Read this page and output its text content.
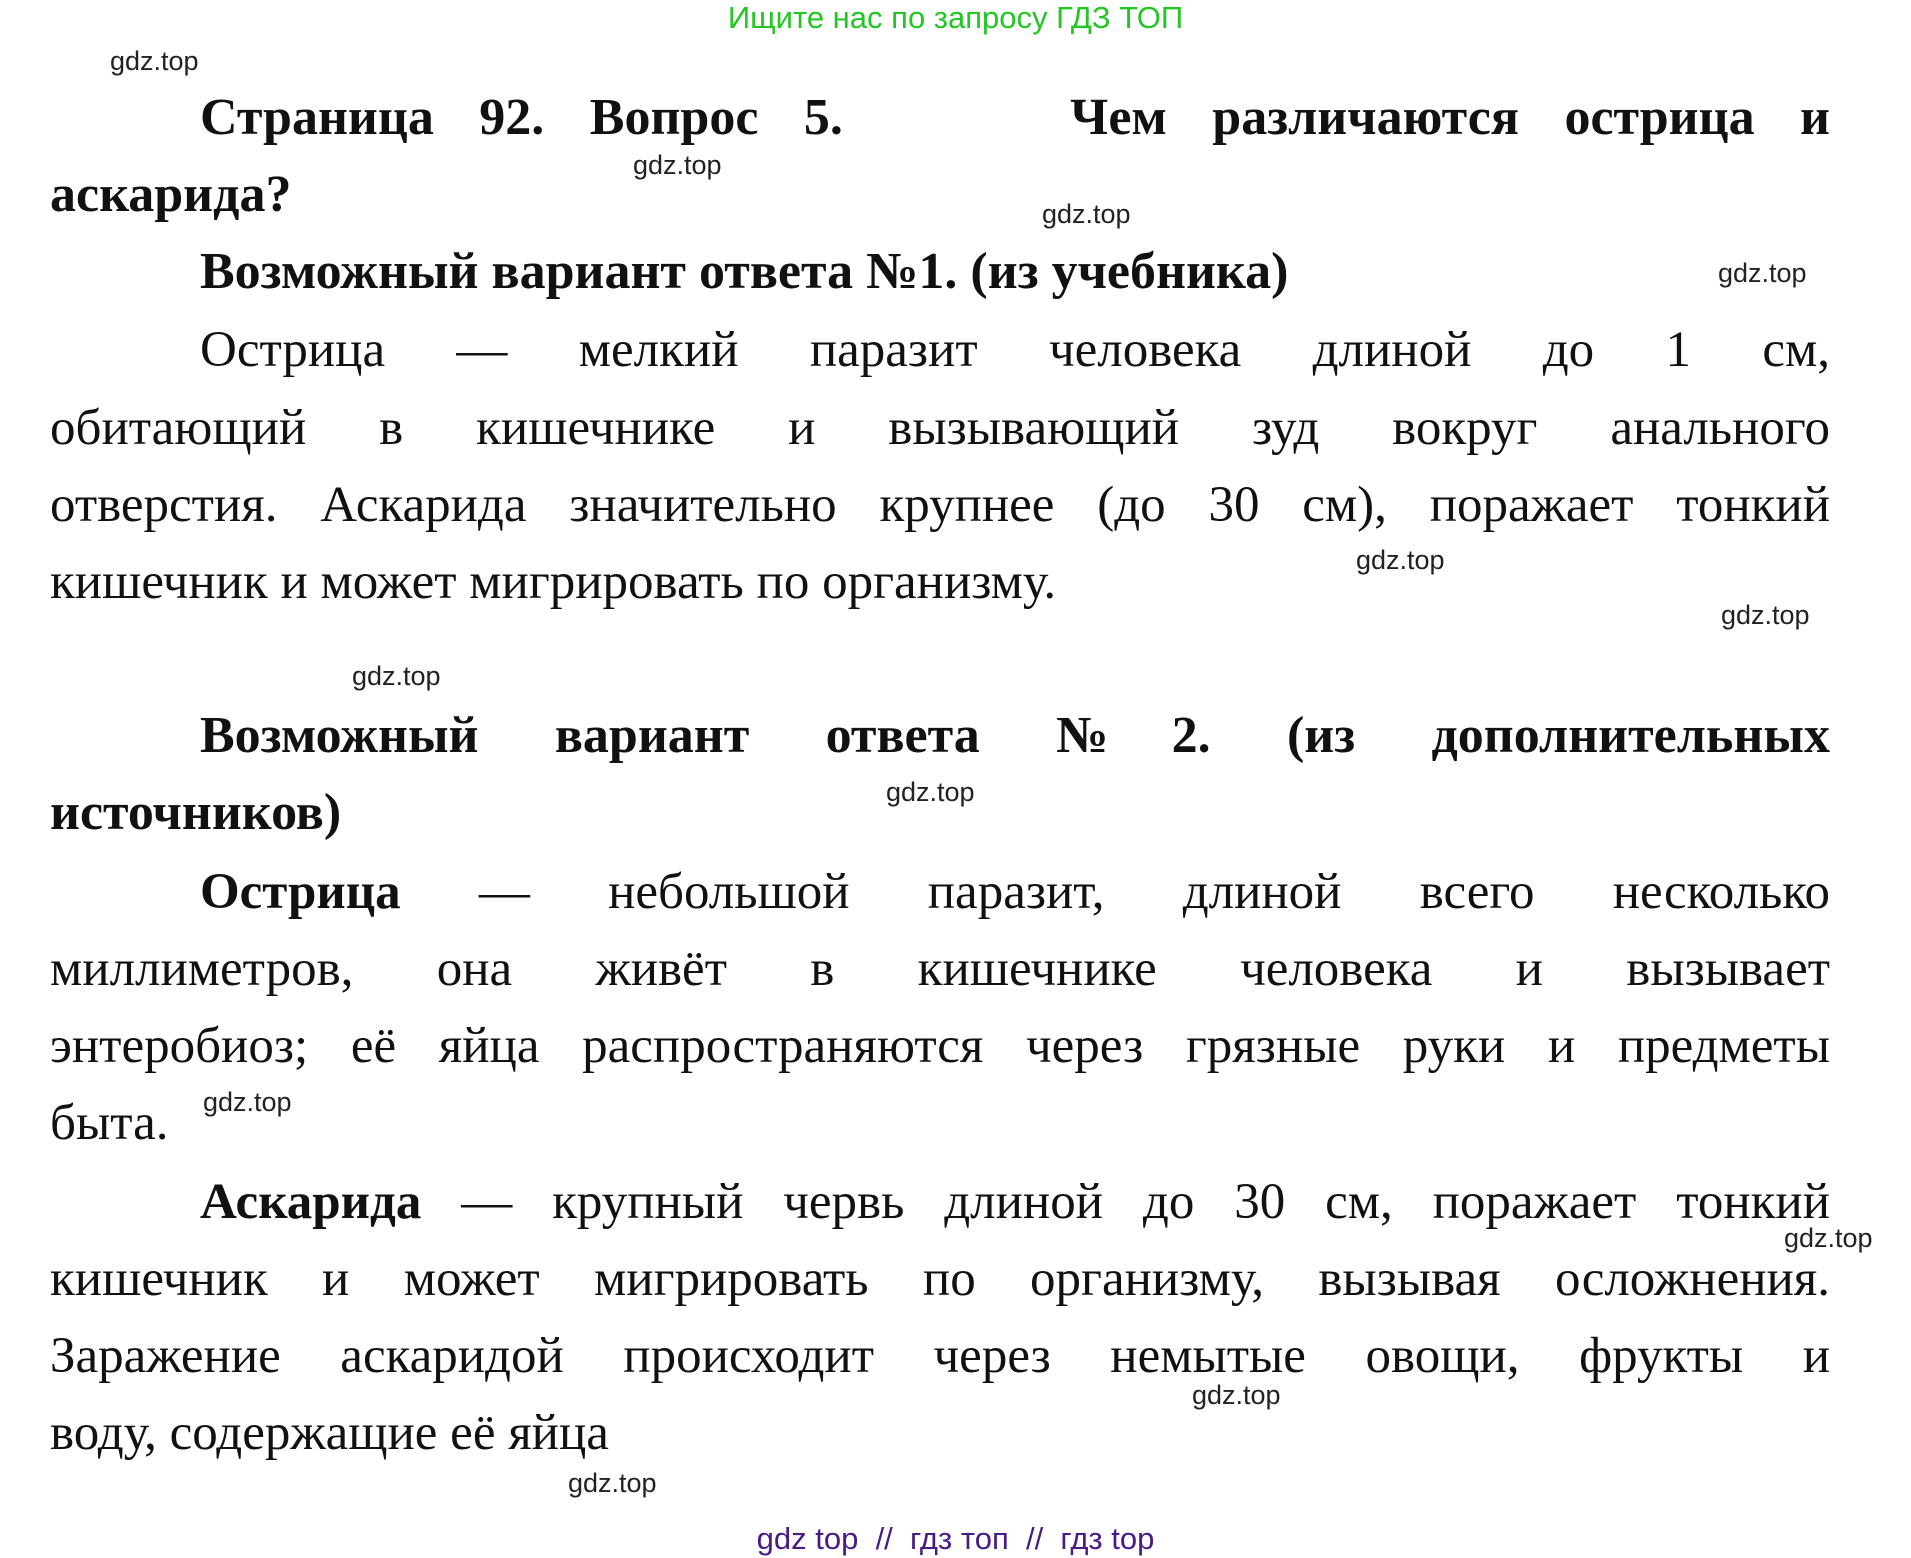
Ищите нас по запросу ГДЗ ТОП
gdz.top
gdz.top
gdz.top
gdz.top
gdz.top
gdz.top
gdz.top
gdz.top
gdz.top
gdz.top
gdz.top
gdz.top
Страница 92. Вопрос 5.     Чем различаются острица и
аскарида?
Возможный вариант ответа №1. (из учебника)
Острица — мелкий паразит человека длиной до 1 см,
обитающий в кишечнике и вызывающий зуд вокруг анального
отверстия. Аскарида значительно крупнее (до 30 см), поражает тонкий
кишечник и может мигрировать по организму.
Возможный вариант ответа №2. (из дополнительных
источников)
Острица — небольшой паразит, длиной всего несколько
миллиметров, она живёт в кишечнике человека и вызывает
энтеробиоз; её яйца распространяются через грязные руки и предметы
быта.
Аскарида — крупный червь длиной до 30 см, поражает тонкий
кишечник и может мигрировать по организму, вызывая осложнения.
Заражение аскаридой происходит через немытые овощи, фрукты и
воду, содержащие её яйца
gdz top  //  гдз топ  //  гдз top
